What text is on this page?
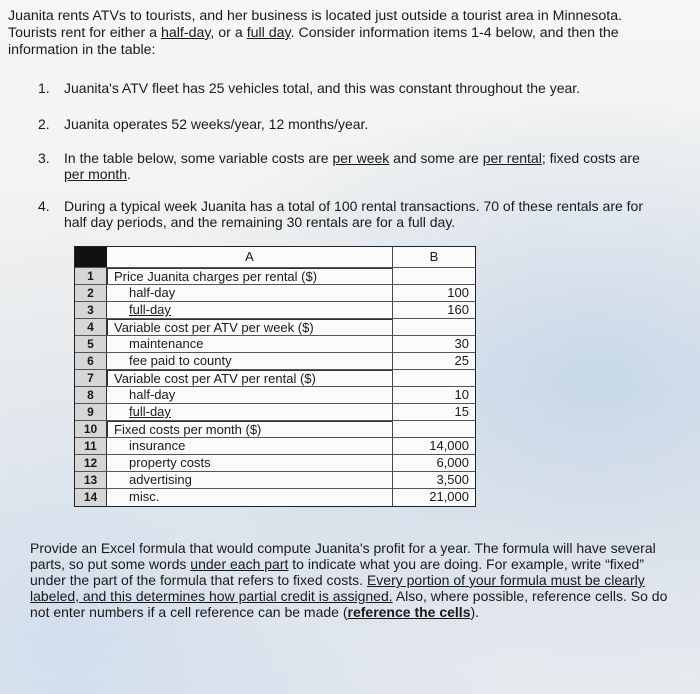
Juanita rents ATVs to tourists, and her business is located just outside a tourist area in Minnesota.
Tourists rent for either a half-day, or a full day. Consider information items 1-4 below, and then the
information in the table:
1. Juanita's ATV fleet has 25 vehicles total, and this was constant throughout the year.
2. Juanita operates 52 weeks/year, 12 months/year.
3. In the table below, some variable costs are per week and some are per rental; fixed costs are
per month.
4. During a typical week Juanita has a total of 100 rental transactions. 70 of these rentals are for
half day periods, and the remaining 30 rentals are for a full day.
A	B
1	Price Juanita charges per rental ($)
2	half-day	100
3	full-day	160
4	Variable cost per ATV per week ($)
5	maintenance	30
6	fee paid to county	25
7	Variable cost per ATV per rental ($)
8	half-day	10
9	full-day	15
10	Fixed costs per month ($)
11	insurance	14,000
12	property costs	6,000
13	advertising	3,500
14	misc.	21,000
Provide an Excel formula that would compute Juanita's profit for a year. The formula will have several
parts, so put some words under each part to indicate what you are doing. For example, write “fixed”
under the part of the formula that refers to fixed costs. Every portion of your formula must be clearly
labeled, and this determines how partial credit is assigned. Also, where possible, reference cells. So do
not enter numbers if a cell reference can be made (reference the cells).
